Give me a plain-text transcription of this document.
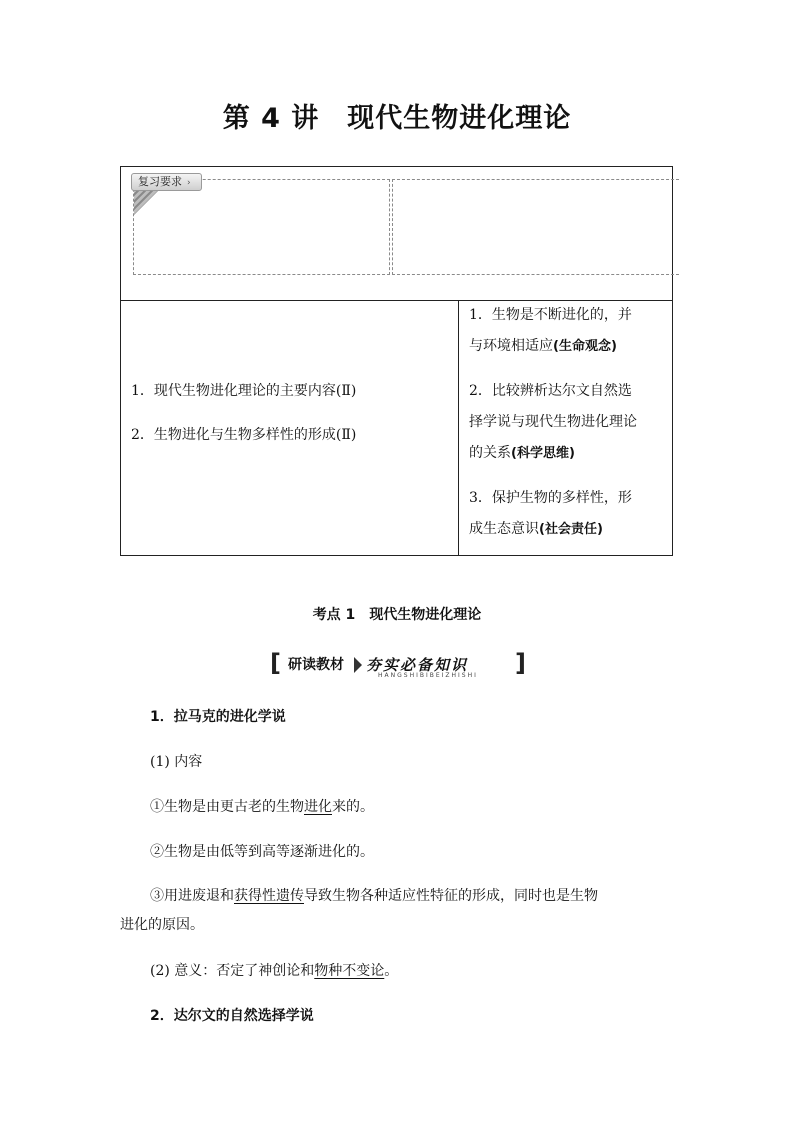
第 4 讲 现代生物进化理论
复习要求 ›
1．现代生物进化理论的主要内容(Ⅱ)
2．生物进化与生物多样性的形成(Ⅱ)

1．生物是不断进化的，并

与环境相适应(生命观念)

2．比较辨析达尔文自然选

择学说与现代生物进化理论

的关系(科学思维)

3．保护生物的多样性，形

成生态意识(社会责任)

考点 1 现代生物进化理论
[ 研读教材 夯实必备知识
HANGSHIBIBEIZHISHI ]
1．拉马克的进化学说
(1) 内容
①生物是由更古老的生物进化来的。
②生物是由低等到高等逐渐进化的。
③用进废退和获得性遗传导致生物各种适应性特征的形成，同时也是生物
进化的原因。
(2) 意义：否定了神创论和物种不变论。
2．达尔文的自然选择学说
